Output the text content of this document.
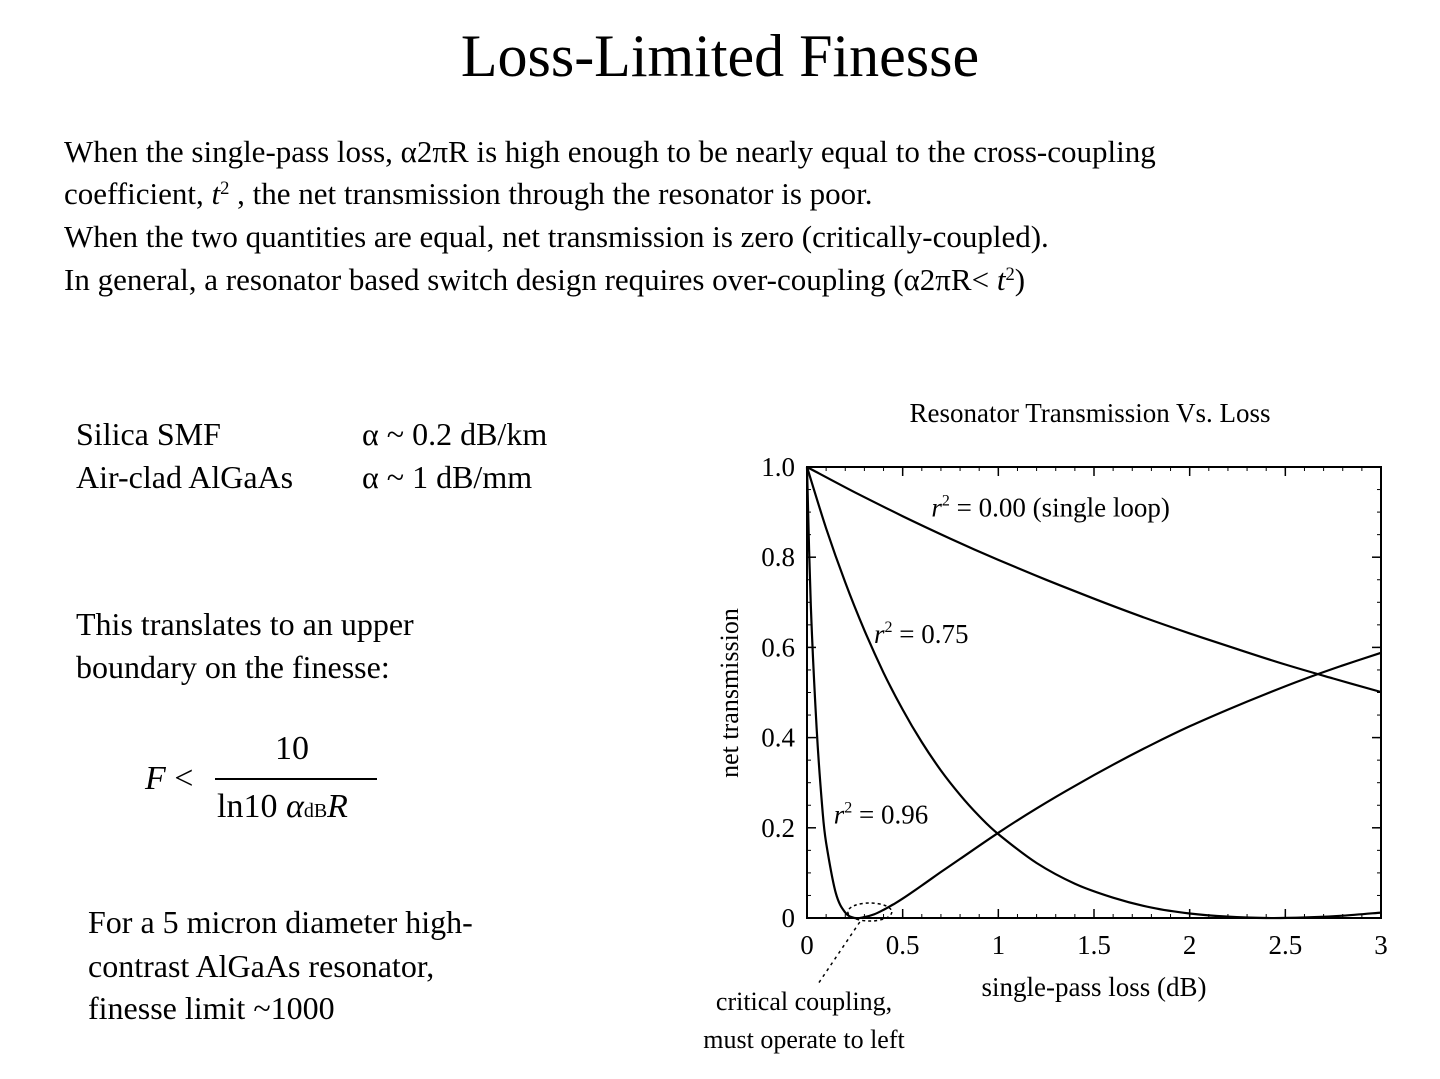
Loss-Limited Finesse
When the single-pass loss, α2πR is high enough to be nearly equal to the cross-coupling
coefficient, $t^2$ , the net transmission through the resonator is poor.
When the two quantities are equal, net transmission is zero (critically-coupled).
In general, a resonator based switch design requires over-coupling $(\alpha 2\pi R< t^2)$
Silica SMF	α ~ 0.2 dB/km
Air-clad AlGaAs α ~ 1 dB/mm
This translates to an upper
boundary on the finesse:
F <
10
ln10 αdBR
For a 5 micron diameter high-
contrast AlGaAs resonator,
finesse limit ~1000
Resonator Transmission Vs. Loss
0	0.5	1	1.5	2	2.5	3
0
0.2
0.4
0.6
0.8
1.0
$r^2 = 0.00$ (single loop)
$r^2 = 0.75$
$r^2 = 0.96$
net transmission
single-pass loss (dB)
critical coupling,
must operate to left
